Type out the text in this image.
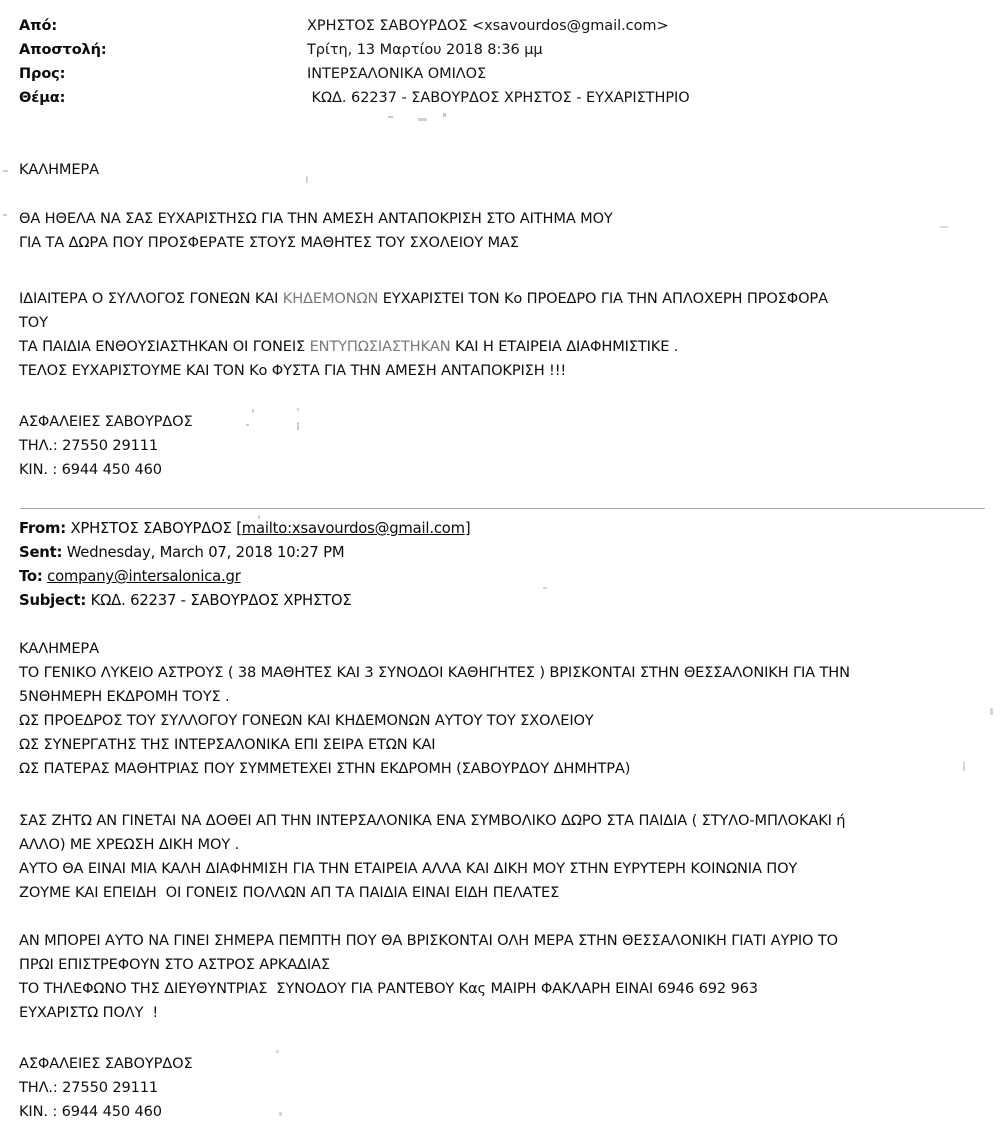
Από:	ΧΡΗΣΤΟΣ ΣΑΒΟΥΡΔΟΣ <xsavourdos@gmail.com>
Αποστολή:	Τρίτη, 13 Μαρτίου 2018 8:36 μμ
Προς:	ΙΝΤΕΡΣΑΛΟΝΙΚΑ ΟΜΙΛΟΣ
Θέμα:	ΚΩΔ. 62237 - ΣΑΒΟΥΡΔΟΣ ΧΡΗΣΤΟΣ - ΕΥΧΑΡΙΣΤΗΡΙΟ
ΚΑΛΗΜΕΡΑ
ΘΑ ΗΘΕΛΑ ΝΑ ΣΑΣ ΕΥΧΑΡΙΣΤΗΣΩ ΓΙΑ ΤΗΝ ΑΜΕΣΗ ΑΝΤΑΠΟΚΡΙΣΗ ΣΤΟ ΑΙΤΗΜΑ ΜΟΥ
ΓΙΑ ΤΑ ΔΩΡΑ ΠΟΥ ΠΡΟΣΦΕΡΑΤΕ ΣΤΟΥΣ ΜΑΘΗΤΕΣ ΤΟΥ ΣΧΟΛΕΙΟΥ ΜΑΣ
ΙΔΙΑΙΤΕΡΑ Ο ΣΥΛΛΟΓΟΣ ΓΟΝΕΩΝ ΚΑΙ ΚΗΔΕΜΟΝΩΝ ΕΥΧΑΡΙΣΤΕΙ ΤΟΝ Κο ΠΡΟΕΔΡΟ ΓΙΑ ΤΗΝ ΑΠΛΟΧΕΡΗ ΠΡΟΣΦΟΡΑ
ΤΟΥ
ΤΑ ΠΑΙΔΙΑ ΕΝΘΟΥΣΙΑΣΤΗΚΑΝ ΟΙ ΓΟΝΕΙΣ ΕΝΤΥΠΩΣΙΑΣΤΗΚΑΝ ΚΑΙ Η ΕΤΑΙΡΕΙΑ ΔΙΑΦΗΜΙΣΤΙΚΕ .
ΤΕΛΟΣ ΕΥΧΑΡΙΣΤΟΥΜΕ ΚΑΙ ΤΟΝ Κο ΦΥΣΤΑ ΓΙΑ ΤΗΝ ΑΜΕΣΗ ΑΝΤΑΠΟΚΡΙΣΗ !!!
ΑΣΦΑΛΕΙΕΣ ΣΑΒΟΥΡΔΟΣ
ΤΗΛ.: 27550 29111
ΚΙΝ. : 6944 450 460
From: ΧΡΗΣΤΟΣ ΣΑΒΟΥΡΔΟΣ [mailto:xsavourdos@gmail.com]
Sent: Wednesday, March 07, 2018 10:27 PM
To: company@intersalonica.gr
Subject: ΚΩΔ. 62237 - ΣΑΒΟΥΡΔΟΣ ΧΡΗΣΤΟΣ
ΚΑΛΗΜΕΡΑ
ΤΟ ΓΕΝΙΚΟ ΛΥΚΕΙΟ ΑΣΤΡΟΥΣ ( 38 ΜΑΘΗΤΕΣ ΚΑΙ 3 ΣΥΝΟΔΟΙ ΚΑΘΗΓΗΤΕΣ ) ΒΡΙΣΚΟΝΤΑΙ ΣΤΗΝ ΘΕΣΣΑΛΟΝΙΚΗ ΓΙΑ ΤΗΝ
5ΝΘΗΜΕΡΗ ΕΚΔΡΟΜΗ ΤΟΥΣ .
ΩΣ ΠΡΟΕΔΡΟΣ ΤΟΥ ΣΥΛΛΟΓΟΥ ΓΟΝΕΩΝ ΚΑΙ ΚΗΔΕΜΟΝΩΝ ΑΥΤΟΥ ΤΟΥ ΣΧΟΛΕΙΟΥ
ΩΣ ΣΥΝΕΡΓΑΤΗΣ ΤΗΣ ΙΝΤΕΡΣΑΛΟΝΙΚΑ ΕΠΙ ΣΕΙΡΑ ΕΤΩΝ ΚΑΙ
ΩΣ ΠΑΤΕΡΑΣ ΜΑΘΗΤΡΙΑΣ ΠΟΥ ΣΥΜΜΕΤΕΧΕΙ ΣΤΗΝ ΕΚΔΡΟΜΗ (ΣΑΒΟΥΡΔΟΥ ΔΗΜΗΤΡΑ)
ΣΑΣ ΖΗΤΩ ΑΝ ΓΙΝΕΤΑΙ ΝΑ ΔΟΘΕΙ ΑΠ ΤΗΝ ΙΝΤΕΡΣΑΛΟΝΙΚΑ ΕΝΑ ΣΥΜΒΟΛΙΚΟ ΔΩΡΟ ΣΤΑ ΠΑΙΔΙΑ ( ΣΤΥΛΟ-ΜΠΛΟΚΑΚΙ ή
ΑΛΛΟ) ΜΕ ΧΡΕΩΣΗ ΔΙΚΗ ΜΟΥ .
ΑΥΤΟ ΘΑ ΕΙΝΑΙ ΜΙΑ ΚΑΛΗ ΔΙΑΦΗΜΙΣΗ ΓΙΑ ΤΗΝ ΕΤΑΙΡΕΙΑ ΑΛΛΑ ΚΑΙ ΔΙΚΗ ΜΟΥ ΣΤΗΝ ΕΥΡΥΤΕΡΗ ΚΟΙΝΩΝΙΑ ΠΟΥ
ΖΟΥΜΕ ΚΑΙ ΕΠΕΙΔΗ  ΟΙ ΓΟΝΕΙΣ ΠΟΛΛΩΝ ΑΠ ΤΑ ΠΑΙΔΙΑ ΕΙΝΑΙ ΕΙΔΗ ΠΕΛΑΤΕΣ
ΑΝ ΜΠΟΡΕΙ ΑΥΤΟ ΝΑ ΓΙΝΕΙ ΣΗΜΕΡΑ ΠΕΜΠΤΗ ΠΟΥ ΘΑ ΒΡΙΣΚΟΝΤΑΙ ΟΛΗ ΜΕΡΑ ΣΤΗΝ ΘΕΣΣΑΛΟΝΙΚΗ ΓΙΑΤΙ ΑΥΡΙΟ ΤΟ
ΠΡΩΙ ΕΠΙΣΤΡΕΦΟΥΝ ΣΤΟ ΑΣΤΡΟΣ ΑΡΚΑΔΙΑΣ
ΤΟ ΤΗΛΕΦΩΝΟ ΤΗΣ ΔΙΕΥΘΥΝΤΡΙΑΣ  ΣΥΝΟΔΟΥ ΓΙΑ ΡΑΝΤΕΒΟΥ Κας ΜΑΙΡΗ ΦΑΚΛΑΡΗ ΕΙΝΑΙ 6946 692 963
ΕΥΧΑΡΙΣΤΩ ΠΟΛΥ  !
ΑΣΦΑΛΕΙΕΣ ΣΑΒΟΥΡΔΟΣ
ΤΗΛ.: 27550 29111
ΚΙΝ. : 6944 450 460
